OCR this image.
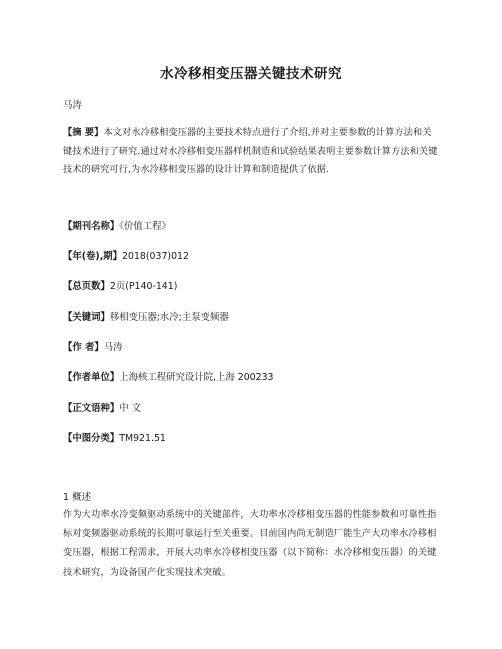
水冷移相变压器关键技术研究
马涛
【摘 要】本文对水冷移相变压器的主要技术特点进行了介绍,并对主要参数的计算方法和关键技术进行了研究.通过对水冷移相变压器样机制造和试验结果表明主要参数计算方法和关键技术的研究可行,为水冷移相变压器的设计计算和制造提供了依据.
【期刊名称】《价值工程》
【年(卷),期】2018(037)012
【总页数】2页(P140-141)
【关键词】移相变压器;水冷;主泵变频器
【作 者】马涛
【作者单位】上海核工程研究设计院,上海 200233
【正文语种】中 文
【中图分类】TM921.51
1 概述
作为大功率水冷变频驱动系统中的关键部件，大功率水冷移相变压器的性能参数和可靠性指标对变频器驱动系统的长期可靠运行至关重要。目前国内尚无制造厂能生产大功率水冷移相变压器，根据工程需求，开展大功率水冷移相变压器（以下简称：水冷移相变压器）的关键技术研究，为设备国产化实现技术突破。
